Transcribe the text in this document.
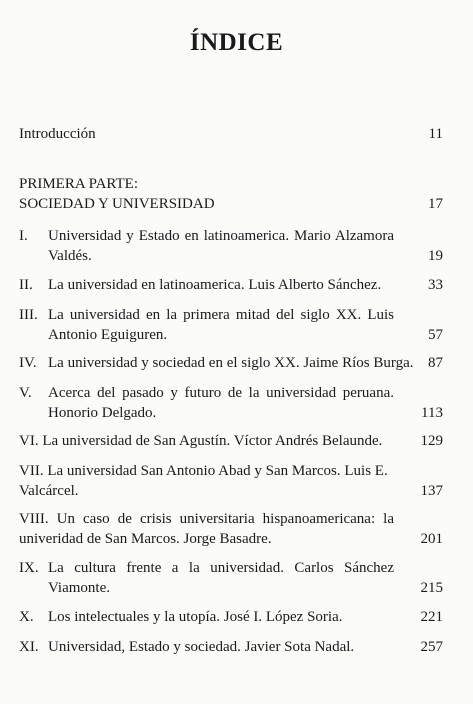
ÍNDICE
Introducción	11
PRIMERA PARTE:
SOCIEDAD Y UNIVERSIDAD	17
I. Universidad y Estado en latinoamerica. Mario Alzamora Valdés.	19
II. La universidad en latinoamerica. Luis Alberto Sánchez.	33
III. La universidad en la primera mitad del siglo XX. Luis Antonio Eguiguren.	57
IV. La universidad y sociedad en el siglo XX. Jaime Ríos Burga. 87
V. Acerca del pasado y futuro de la universidad peruana. Honorio Delgado.	113
VI. La universidad de San Agustín. Víctor Andrés Belaunde.	129
VII. La universidad San Antonio Abad y San Marcos. Luis E. Valcárcel.	137
VIII. Un caso de crisis universitaria hispanoamericana: la univeridad de San Marcos. Jorge Basadre.	201
IX. La cultura frente a la universidad. Carlos Sánchez Viamonte.	215
X. Los intelectuales y la utopía. José I. López Soria.	221
XI. Universidad, Estado y sociedad. Javier Sota Nadal.	257
